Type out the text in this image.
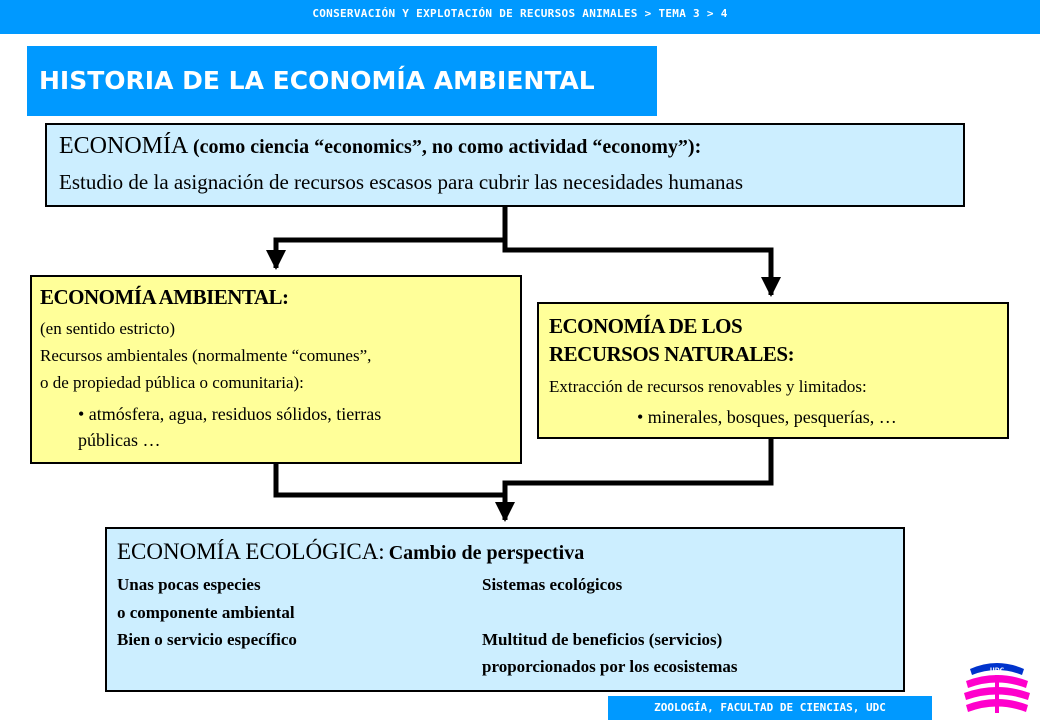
CONSERVACIÓN Y EXPLOTACIÓN DE RECURSOS ANIMALES > TEMA 3 > 4
HISTORIA DE LA ECONOMÍA AMBIENTAL
ECONOMÍA (como ciencia “economics”, no como actividad “economy”):
Estudio de la asignación de recursos escasos para cubrir las necesidades humanas
ECONOMÍA AMBIENTAL:
(en sentido estricto)
Recursos ambientales (normalmente “comunes”,
o de propiedad pública o comunitaria):
• atmósfera, agua, residuos sólidos, tierras
públicas …
ECONOMÍA DE LOS
RECURSOS NATURALES:
Extracción de recursos renovables y limitados:
• minerales, bosques, pesquerías, …
ECONOMÍA ECOLÓGICA: Cambio de perspectiva
Unas pocas especies	Sistemas ecológicos
o componente ambiental
Bien o servicio específico	Multitud de beneficios (servicios)
proporcionados por los ecosistemas
ZOOLOGÍA, FACULTAD DE CIENCIAS, UDC
UDC
